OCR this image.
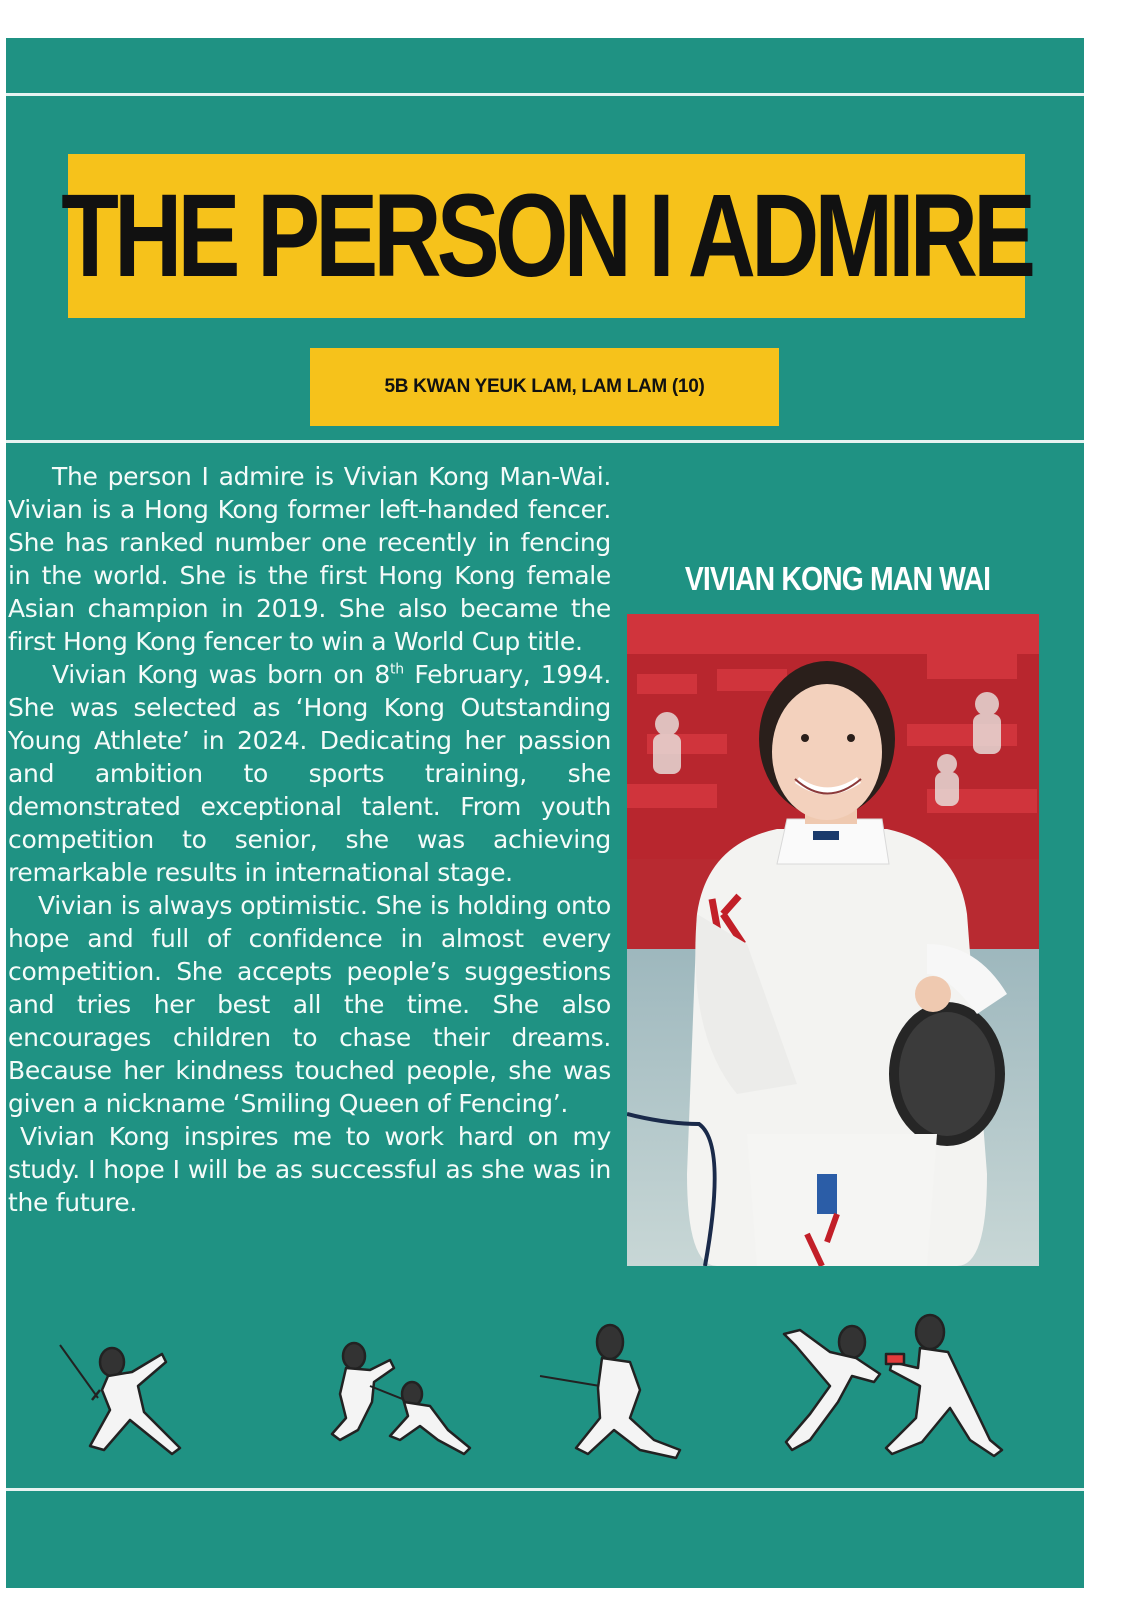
THE PERSON I ADMIRE
5B KWAN YEUK LAM, LAM LAM (10)

The person I admire is Vivian Kong Man-Wai. Vivian is a Hong Kong former left-handed fencer. She has ranked number one recently in fencing in the world. She is the first Hong Kong female Asian champion in 2019. She also became the first Hong Kong fencer to win a World Cup title.

Vivian Kong was born on 8th February, 1994. She was selected as ‘Hong Kong Outstanding Young Athlete’ in 2024. Dedicating her passion and ambition to sports training, she demonstrated exceptional talent. From youth competition to senior, she was achieving remarkable results in international stage.

Vivian is always optimistic. She is holding onto hope and full of confidence in almost every competition. She accepts people’s suggestions and tries her best all the time. She also encourages children to chase their dreams. Because her kindness touched people, she was given a nickname ‘Smiling Queen of Fencing’.

Vivian Kong inspires me to work hard on my study. I hope I will be as successful as she was in the future.

VIVIAN KONG MAN WAI
